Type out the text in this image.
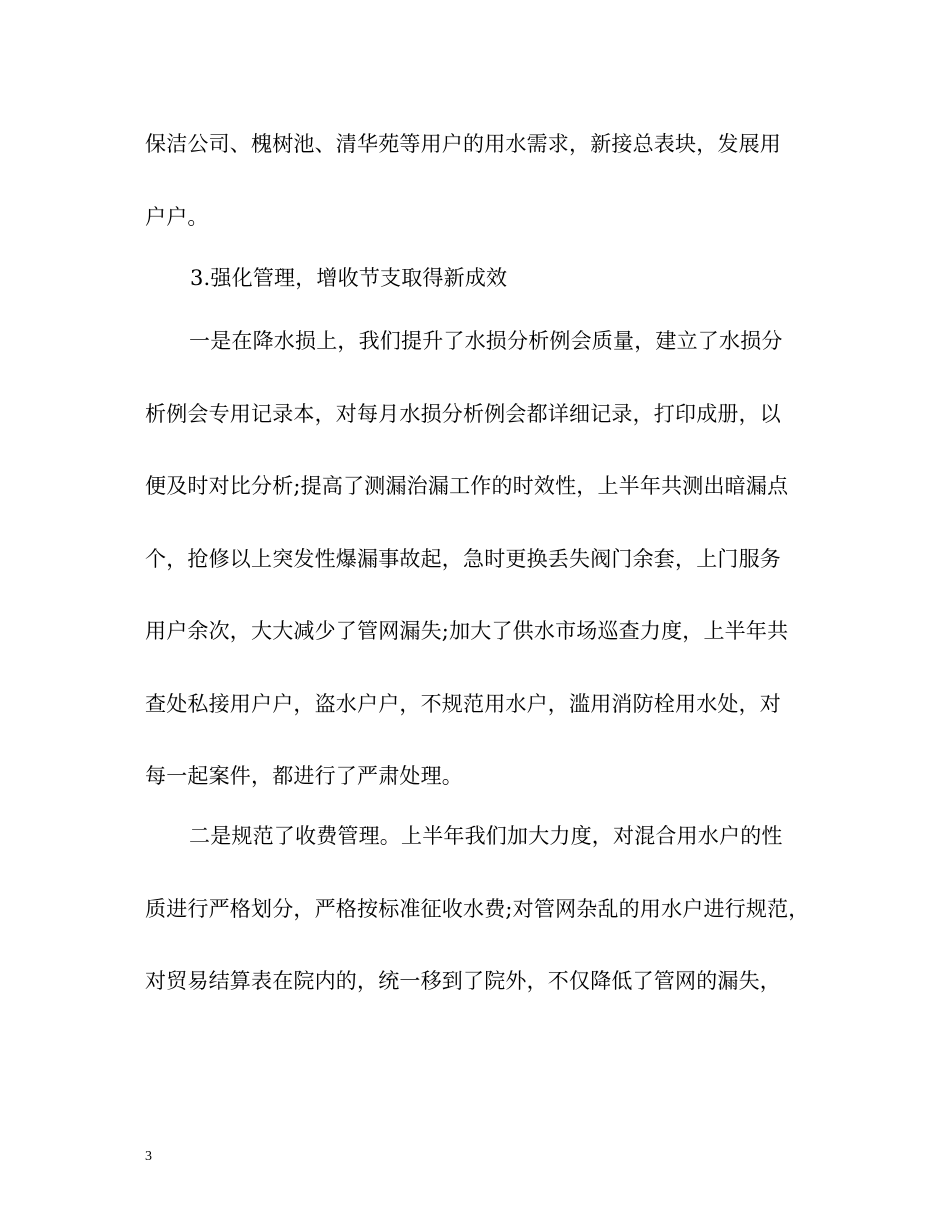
保洁公司、槐树池、清华苑等用户的用水需求，新接总表块，发展用
户户。
3.强化管理，增收节支取得新成效
一是在降水损上，我们提升了水损分析例会质量，建立了水损分
析例会专用记录本，对每月水损分析例会都详细记录，打印成册，以
便及时对比分析;提高了测漏治漏工作的时效性，上半年共测出暗漏点
个，抢修以上突发性爆漏事故起，急时更换丢失阀门余套，上门服务
用户余次，大大减少了管网漏失;加大了供水市场巡查力度，上半年共
查处私接用户户，盗水户户，不规范用水户，滥用消防栓用水处，对
每一起案件，都进行了严肃处理。
二是规范了收费管理。上半年我们加大力度，对混合用水户的性
质进行严格划分，严格按标准征收水费;对管网杂乱的用水户进行规范，
对贸易结算表在院内的，统一移到了院外，不仅降低了管网的漏失，
3
